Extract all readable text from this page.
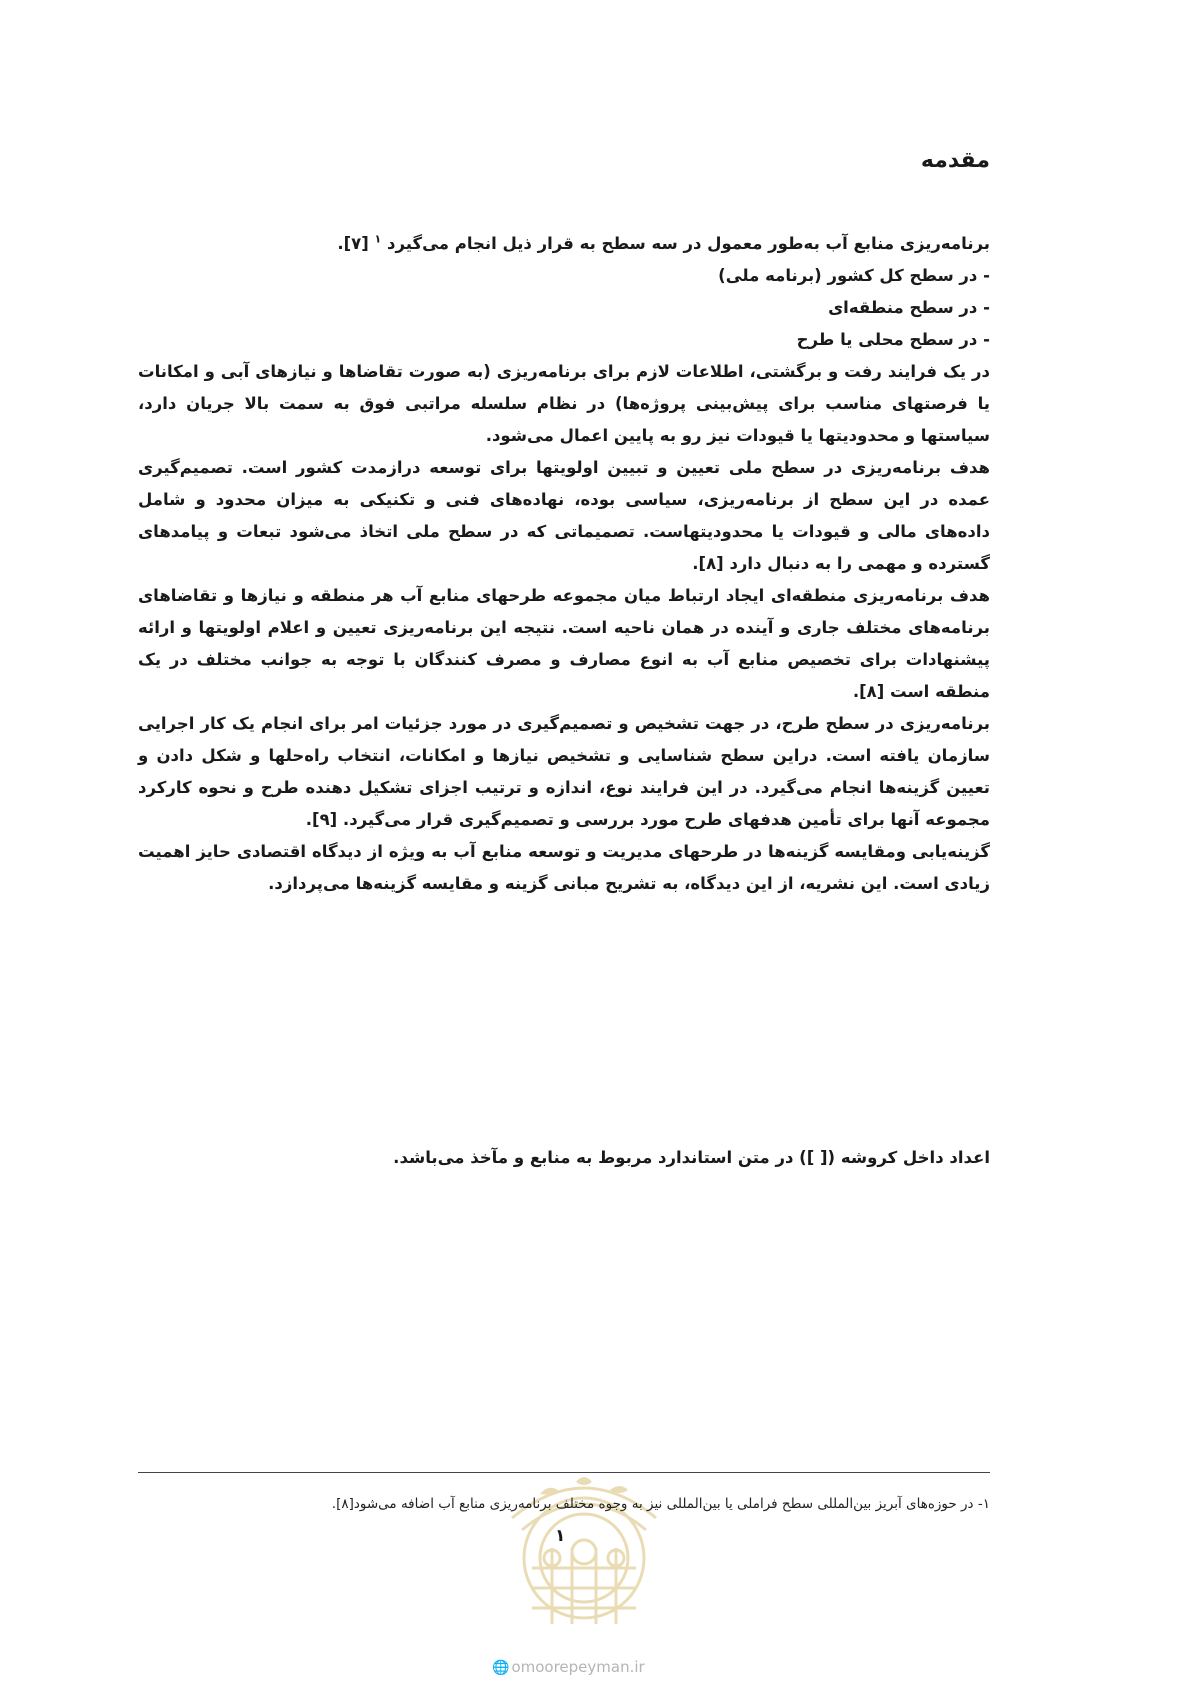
مقدمه

برنامه‌ریزی منابع آب به‌طور معمول در سه سطح به قرار ذیل انجام می‌گیرد $^۱$ [۷].

- در سطح کل کشور (برنامه ملی)

- در سطح منطقه‌ای

- در سطح محلی یا طرح

در یک فرایند رفت و برگشتی، اطلاعات لازم برای برنامه‌ریزی (به صورت تقاضاها و نیازهای آبی و امکانات یا فرصتهای مناسب برای پیش‌بینی پروژه‌ها) در نظام سلسله مراتبی فوق به سمت بالا جریان دارد، سیاستها و محدودیتها یا قیودات نیز رو به پایین اعمال می‌شود.

هدف برنامه‌ریزی در سطح ملی تعیین و تبیین اولویتها برای توسعه درازمدت کشور است. تصمیم‌گیری عمده در این سطح از برنامه‌ریزی، سیاسی بوده، نهاده‌های فنی و تکنیکی به میزان محدود و شامل داده‌های مالی و قیودات یا محدودیتهاست. تصمیماتی که در سطح ملی اتخاذ می‌شود تبعات و پیامدهای گسترده و مهمی را به دنبال دارد [۸].

هدف برنامه‌ریزی منطقه‌ای ایجاد ارتباط میان مجموعه طرحهای منابع آب هر منطقه و نیازها و تقاضاهای برنامه‌های مختلف جاری و آینده در همان ناحیه است. نتیجه این برنامه‌ریزی تعیین و اعلام اولویتها و ارائه پیشنهادات برای تخصیص منابع آب به انوع مصارف و مصرف کنندگان با توجه به جوانب مختلف در یک منطقه است [۸].

برنامه‌ریزی در سطح طرح، در جهت تشخیص و تصمیم‌گیری در مورد جزئیات امر برای انجام یک کار اجرایی سازمان یافته است. دراین سطح شناسایی و تشخیص نیازها و امکانات، انتخاب راه‌حلها و شکل دادن و تعیین گزینه‌ها انجام می‌گیرد. در این فرایند نوع، اندازه و ترتیب اجزای تشکیل دهنده طرح و نحوه کارکرد مجموعه آنها برای تأمین هدفهای طرح مورد بررسی و تصمیم‌گیری قرار می‌گیرد. [۹].

گزینه‌یابی ومقایسه گزینه‌ها در طرحهای مدیریت و توسعه منابع آب به ویژه از دیدگاه اقتصادی حایز اهمیت زیادی است. این نشریه، از این دیدگاه، به تشریح مبانی گزینه و مقایسه گزینه‌ها می‌پردازد.

اعداد داخل کروشه ([ ]) در متن استاندارد مربوط به منابع و مآخذ می‌باشد.

۱- در حوزه‌های آبریز بین‌المللی سطح فراملی یا بین‌المللی نیز به وجوه مختلف برنامه‌ریزی منابع آب اضافه می‌شود[۸].

۱

🌐 omoorepeyman.ir
